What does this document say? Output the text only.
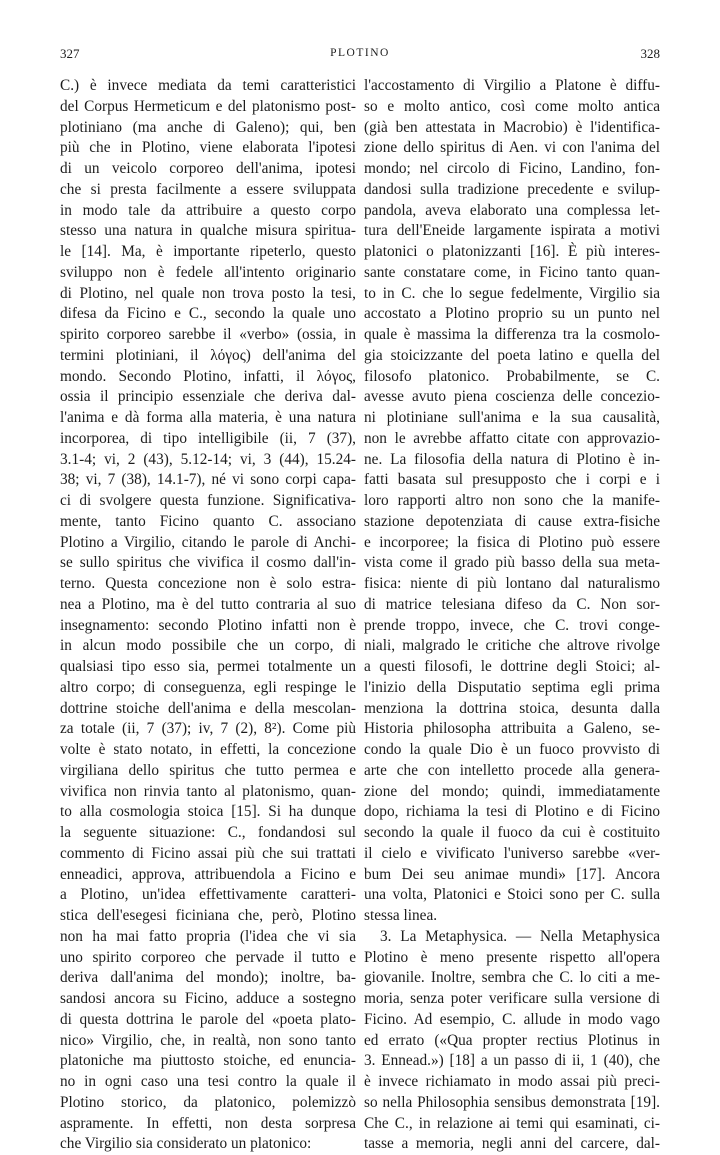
327	PLOTINO	328

C.) è invece mediata da temi caratteristici

del Corpus Hermeticum e del platonismo post-

plotiniano (ma anche di Galeno); qui, ben

più che in Plotino, viene elaborata l'ipotesi

di un veicolo corporeo dell'anima, ipotesi

che si presta facilmente a essere sviluppata

in modo tale da attribuire a questo corpo

stesso una natura in qualche misura spiritua-

le [14]. Ma, è importante ripeterlo, questo

sviluppo non è fedele all'intento originario

di Plotino, nel quale non trova posto la tesi,

difesa da Ficino e C., secondo la quale uno

spirito corporeo sarebbe il «verbo» (ossia, in

termini plotiniani, il λόγος) dell'anima del

mondo. Secondo Plotino, infatti, il λόγος,

ossia il principio essenziale che deriva dal-

l'anima e dà forma alla materia, è una natura

incorporea, di tipo intelligibile (ii, 7 (37),

3.1-4; vi, 2 (43), 5.12-14; vi, 3 (44), 15.24-

38; vi, 7 (38), 14.1-7), né vi sono corpi capa-

ci di svolgere questa funzione. Significativa-

mente, tanto Ficino quanto C. associano

Plotino a Virgilio, citando le parole di Anchi-

se sullo spiritus che vivifica il cosmo dall'in-

terno. Questa concezione non è solo estra-

nea a Plotino, ma è del tutto contraria al suo

insegnamento: secondo Plotino infatti non è

in alcun modo possibile che un corpo, di

qualsiasi tipo esso sia, permei totalmente un

altro corpo; di conseguenza, egli respinge le

dottrine stoiche dell'anima e della mescolan-

za totale (ii, 7 (37); iv, 7 (2), 8²). Come più

volte è stato notato, in effetti, la concezione

virgiliana dello spiritus che tutto permea e

vivifica non rinvia tanto al platonismo, quan-

to alla cosmologia stoica [15]. Si ha dunque

la seguente situazione: C., fondandosi sul

commento di Ficino assai più che sui trattati

enneadici, approva, attribuendola a Ficino e

a Plotino, un'idea effettivamente caratteri-

stica dell'esegesi ficiniana che, però, Plotino

non ha mai fatto propria (l'idea che vi sia

uno spirito corporeo che pervade il tutto e

deriva dall'anima del mondo); inoltre, ba-

sandosi ancora su Ficino, adduce a sostegno

di questa dottrina le parole del «poeta plato-

nico» Virgilio, che, in realtà, non sono tanto

platoniche ma piuttosto stoiche, ed enuncia-

no in ogni caso una tesi contro la quale il

Plotino storico, da platonico, polemizzò

aspramente. In effetti, non desta sorpresa

che Virgilio sia considerato un platonico:

l'accostamento di Virgilio a Platone è diffu-

so e molto antico, così come molto antica

(già ben attestata in Macrobio) è l'identifica-

zione dello spiritus di Aen. vi con l'anima del

mondo; nel circolo di Ficino, Landino, fon-

dandosi sulla tradizione precedente e svilup-

pandola, aveva elaborato una complessa let-

tura dell'Eneide largamente ispirata a motivi

platonici o platonizzanti [16]. È più interes-

sante constatare come, in Ficino tanto quan-

to in C. che lo segue fedelmente, Virgilio sia

accostato a Plotino proprio su un punto nel

quale è massima la differenza tra la cosmolo-

gia stoicizzante del poeta latino e quella del

filosofo platonico. Probabilmente, se C.

avesse avuto piena coscienza delle concezio-

ni plotiniane sull'anima e la sua causalità,

non le avrebbe affatto citate con approvazio-

ne. La filosofia della natura di Plotino è in-

fatti basata sul presupposto che i corpi e i

loro rapporti altro non sono che la manife-

stazione depotenziata di cause extra-fisiche

e incorporee; la fisica di Plotino può essere

vista come il grado più basso della sua meta-

fisica: niente di più lontano dal naturalismo

di matrice telesiana difeso da C. Non sor-

prende troppo, invece, che C. trovi conge-

niali, malgrado le critiche che altrove rivolge

a questi filosofi, le dottrine degli Stoici; al-

l'inizio della Disputatio septima egli prima

menziona la dottrina stoica, desunta dalla

Historia philosopha attribuita a Galeno, se-

condo la quale Dio è un fuoco provvisto di

arte che con intelletto procede alla genera-

zione del mondo; quindi, immediatamente

dopo, richiama la tesi di Plotino e di Ficino

secondo la quale il fuoco da cui è costituito

il cielo e vivificato l'universo sarebbe «ver-

bum Dei seu animae mundi» [17]. Ancora

una volta, Platonici e Stoici sono per C. sulla

stessa linea.

3. La Metaphysica. — Nella Metaphysica

Plotino è meno presente rispetto all'opera

giovanile. Inoltre, sembra che C. lo citi a me-

moria, senza poter verificare sulla versione di

Ficino. Ad esempio, C. allude in modo vago

ed errato («Qua propter rectius Plotinus in

3. Ennead.») [18] a un passo di ii, 1 (40), che

è invece richiamato in modo assai più preci-

so nella Philosophia sensibus demonstrata [19].

Che C., in relazione ai temi qui esaminati, ci-

tasse a memoria, negli anni del carcere, dal-
